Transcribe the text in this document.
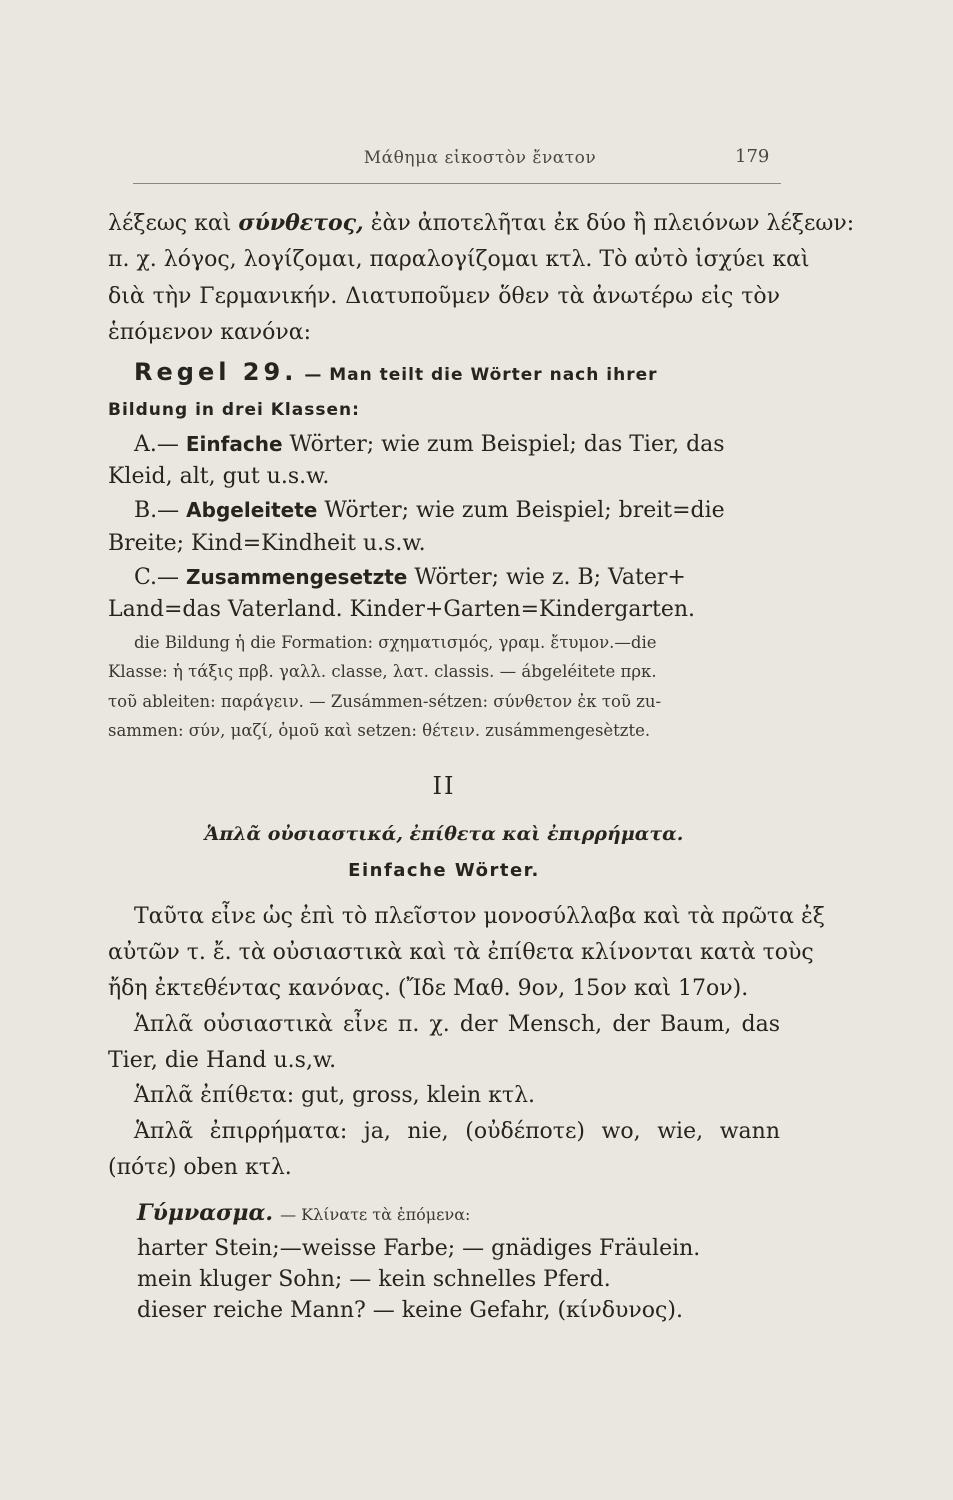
Μάθημα εἰκοστὸν ἔνατον	179
λέξεως καὶ σύνθετος, ἐὰν ἀποτελῆται ἐκ δύο ἢ πλειόνων λέξεων:
π. χ. λόγος, λογίζομαι, παραλογίζομαι κτλ. Τὸ αὐτὸ ἰσχύει καὶ
διὰ τὴν Γερμανικήν. Διατυποῦμεν ὅθεν τὰ ἀνωτέρω εἰς τὸν
ἑπόμενον κανόνα:
Regel 29. — Man teilt die Wörter nach ihrer
Bildung in drei Klassen:
A.— Einfache Wörter; wie zum Beispiel; das Tier, das
Kleid, alt, gut u.s.w.
B.— Abgeleitete Wörter; wie zum Beispiel; breit=die
Breite; Kind=Kindheit u.s.w.
C.— Zusammengesetzte Wörter; wie z. B; Vater+
Land=das Vaterland. Kinder+Garten=Kindergarten.
die Bildung ἡ die Formation: σχηματισμός, γραμ. ἔτυμον.—die
Klasse: ἡ τάξις πρβ. γαλλ. classe, λατ. classis. — ábgeléitete πρκ.
τοῦ ableiten: παράγειν. — Zusámmen-sétzen: σύνθετον ἐκ τοῦ zu-
sammen: σύν, μαζί, ὁμοῦ καὶ setzen: θέτειν. zusámmengesètzte.
II
Ἁπλᾶ οὐσιαστικά, ἐπίθετα καὶ ἐπιρρήματα.
Einfache Wörter.
Ταῦτα εἶνε ὡς ἐπὶ τὸ πλεῖστον μονοσύλλαβα καὶ τὰ πρῶτα ἐξ
αὐτῶν τ. ἔ. τὰ οὐσιαστικὰ καὶ τὰ ἐπίθετα κλίνονται κατὰ τοὺς
ἤδη ἐκτεθέντας κανόνας. (Ἴδε Μαθ. 9ον, 15ον καὶ 17ον).
Ἁπλᾶ οὐσιαστικὰ εἶνε π. χ. der Mensch, der Baum, das
Tier, die Hand u.s,w.
Ἁπλᾶ ἐπίθετα: gut, gross, klein κτλ.
Ἁπλᾶ ἐπιρρήματα: ja, nie, (οὐδέποτε) wo, wie, wann
(πότε) oben κτλ.
Γύμνασμα. — Κλίνατε τὰ ἑπόμενα:
harter Stein;—weisse Farbe; — gnädiges Fräulein.
mein kluger Sohn; — kein schnelles Pferd.
dieser reiche Mann? — keine Gefahr, (κίνδυνος).
